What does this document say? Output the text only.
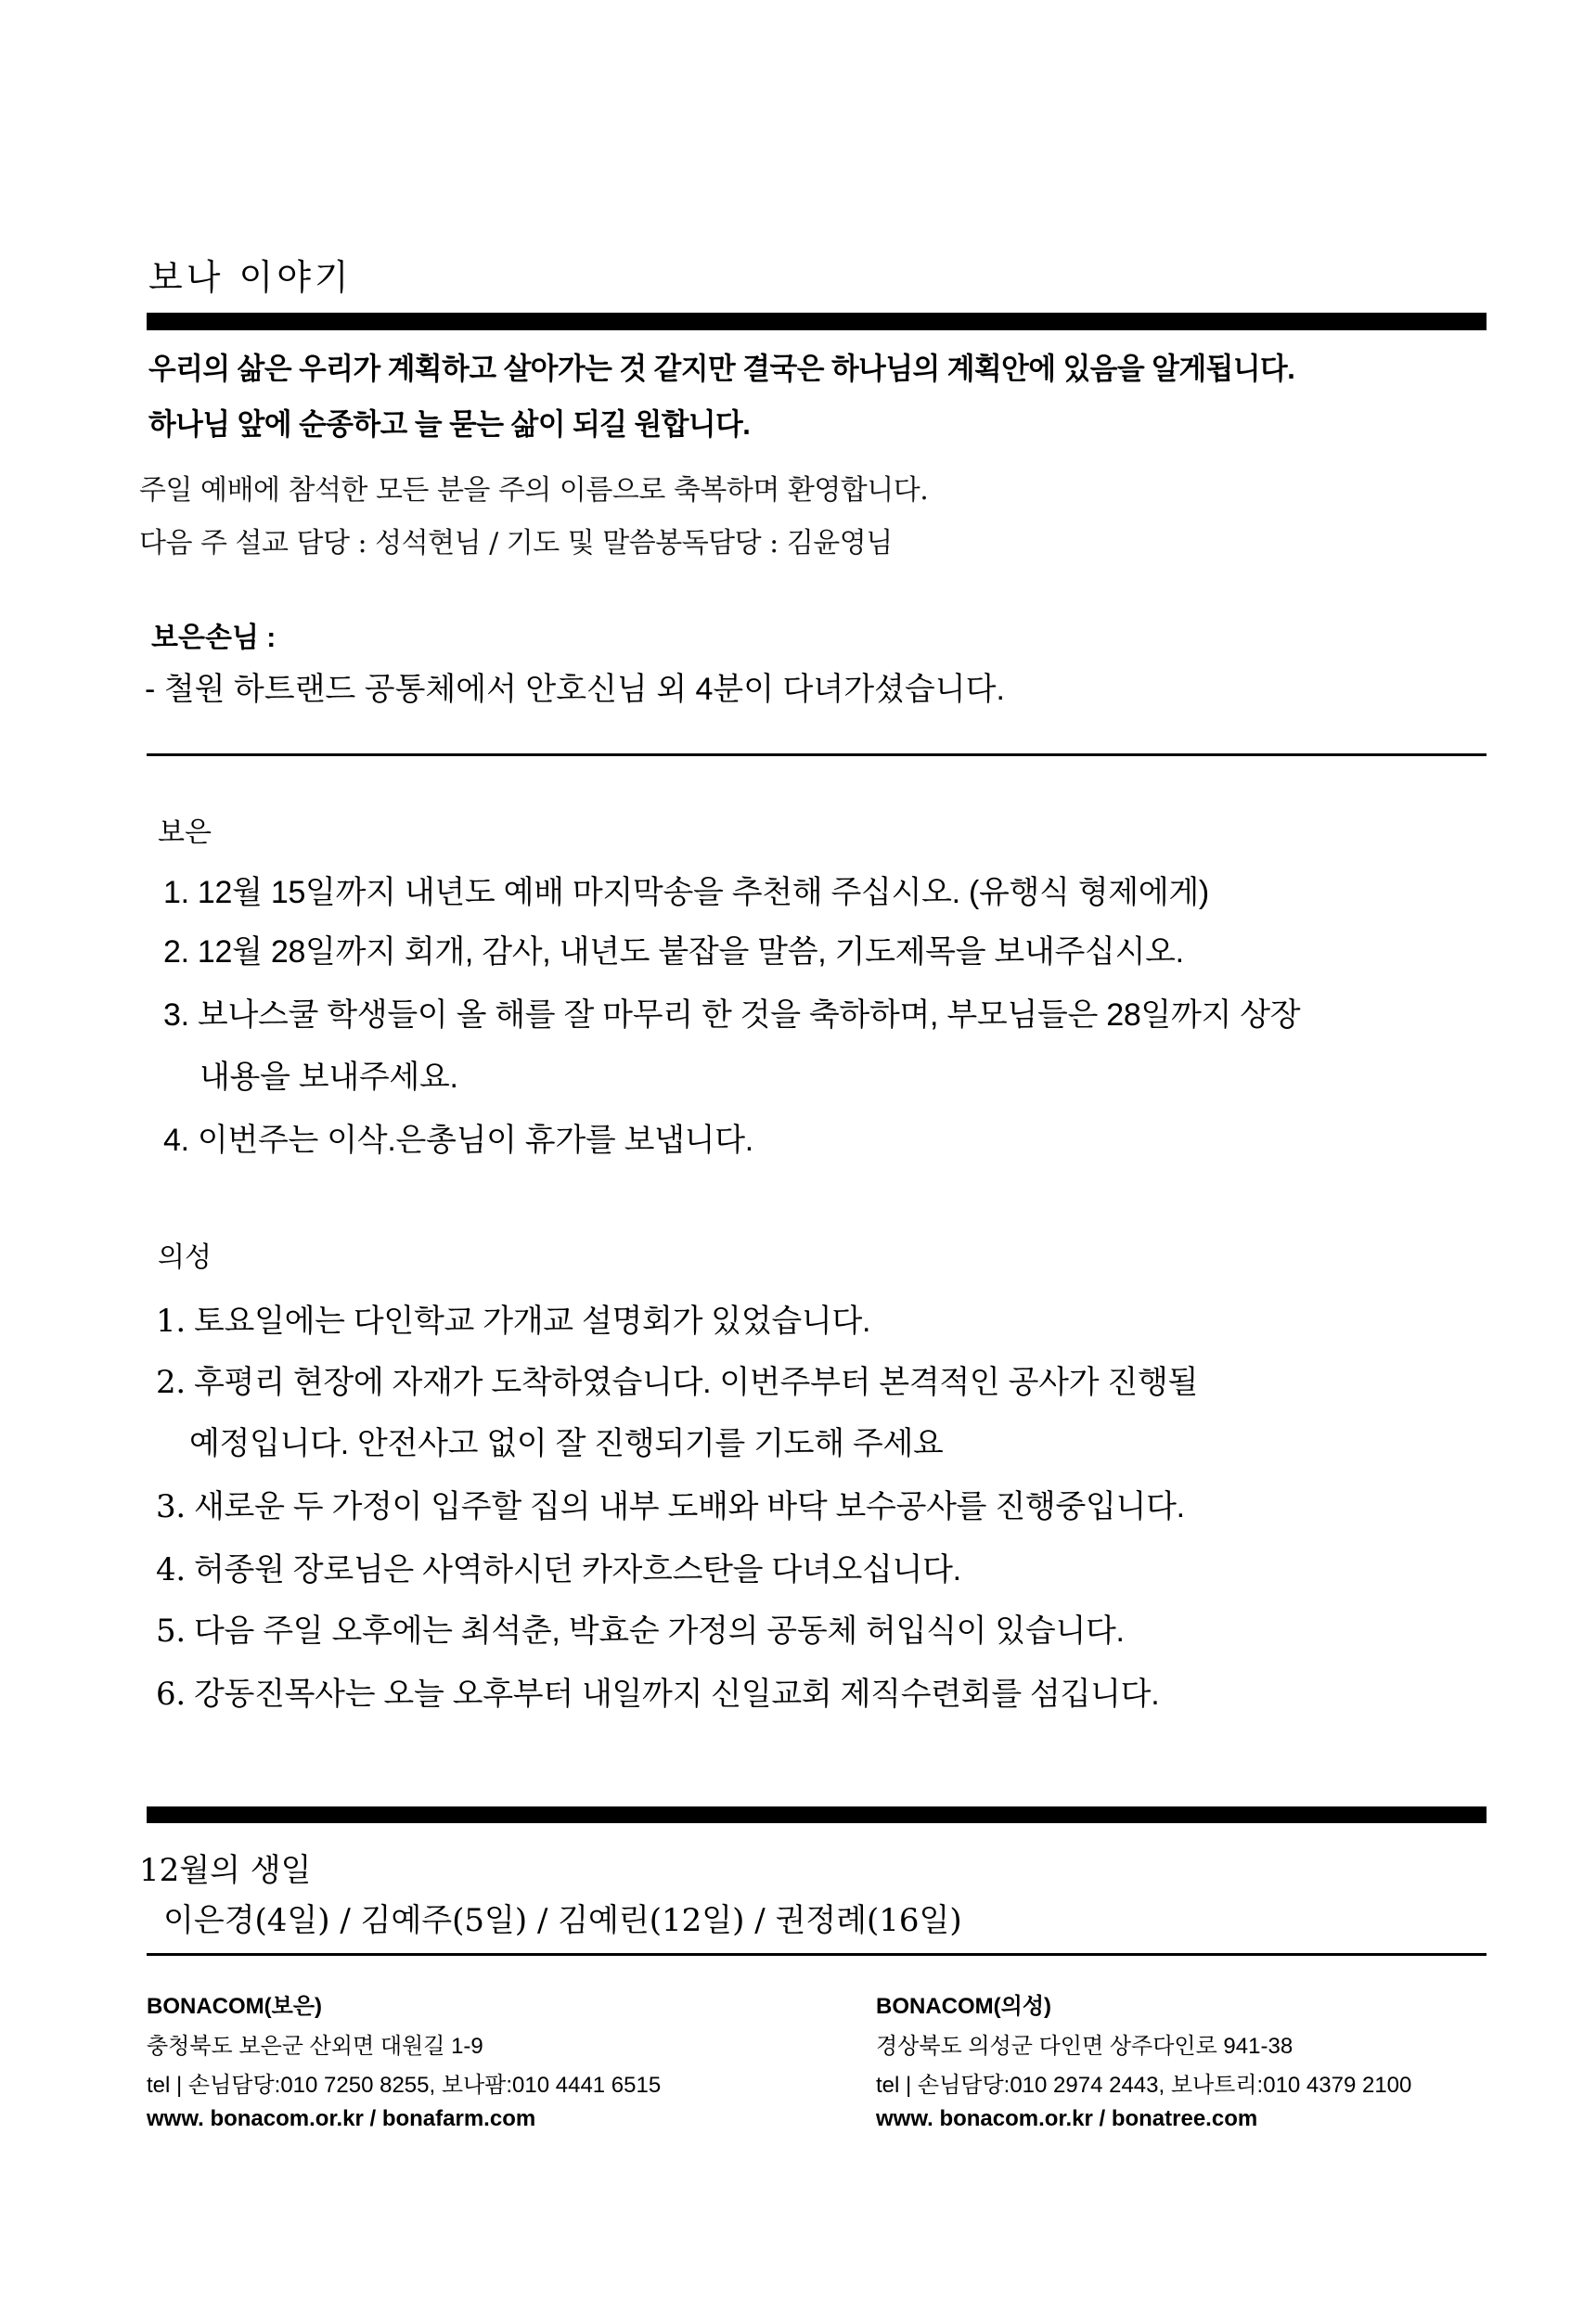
보나 이야기
우리의 삶은 우리가 계획하고 살아가는 것 같지만 결국은 하나님의 계획안에 있음을 알게됩니다.
하나님 앞에 순종하고 늘 묻는 삶이 되길 원합니다.
주일 예배에 참석한 모든 분을 주의 이름으로 축복하며 환영합니다.
다음 주 설교 담당 : 성석현님 / 기도 및 말씀봉독담당 : 김윤영님
보은손님 :
- 철원 하트랜드 공통체에서 안호신님 외 4분이 다녀가셨습니다.
보은
1. 12월 15일까지 내년도 예배 마지막송을 추천해 주십시오. (유행식 형제에게)
2. 12월 28일까지 회개, 감사, 내년도 붙잡을 말씀, 기도제목을 보내주십시오.
3. 보나스쿨 학생들이 올 해를 잘 마무리 한 것을 축하하며, 부모님들은 28일까지 상장
내용을 보내주세요.
4. 이번주는 이삭.은총님이 휴가를 보냅니다.
의성
1. 토요일에는 다인학교 가개교 설명회가 있었습니다.
2. 후평리 현장에 자재가 도착하였습니다. 이번주부터 본격적인 공사가 진행될
예정입니다. 안전사고 없이 잘 진행되기를 기도해 주세요
3. 새로운 두 가정이 입주할 집의 내부 도배와 바닥 보수공사를 진행중입니다.
4. 허종원 장로님은 사역하시던 카자흐스탄을 다녀오십니다.
5. 다음 주일 오후에는 최석춘, 박효순 가정의 공동체 허입식이 있습니다.
6. 강동진목사는 오늘 오후부터 내일까지 신일교회 제직수련회를 섬깁니다.
12월의 생일
이은경(4일) / 김예주(5일) / 김예린(12일) / 권정례(16일)
BONACOM(보은)
충청북도 보은군 산외면 대원길 1-9
tel | 손님담당:010 7250 8255, 보나팜:010 4441 6515
www. bonacom.or.kr / bonafarm.com
BONACOM(의성)
경상북도 의성군 다인면 상주다인로 941-38
tel | 손님담당:010 2974 2443, 보나트리:010 4379 2100
www. bonacom.or.kr / bonatree.com
